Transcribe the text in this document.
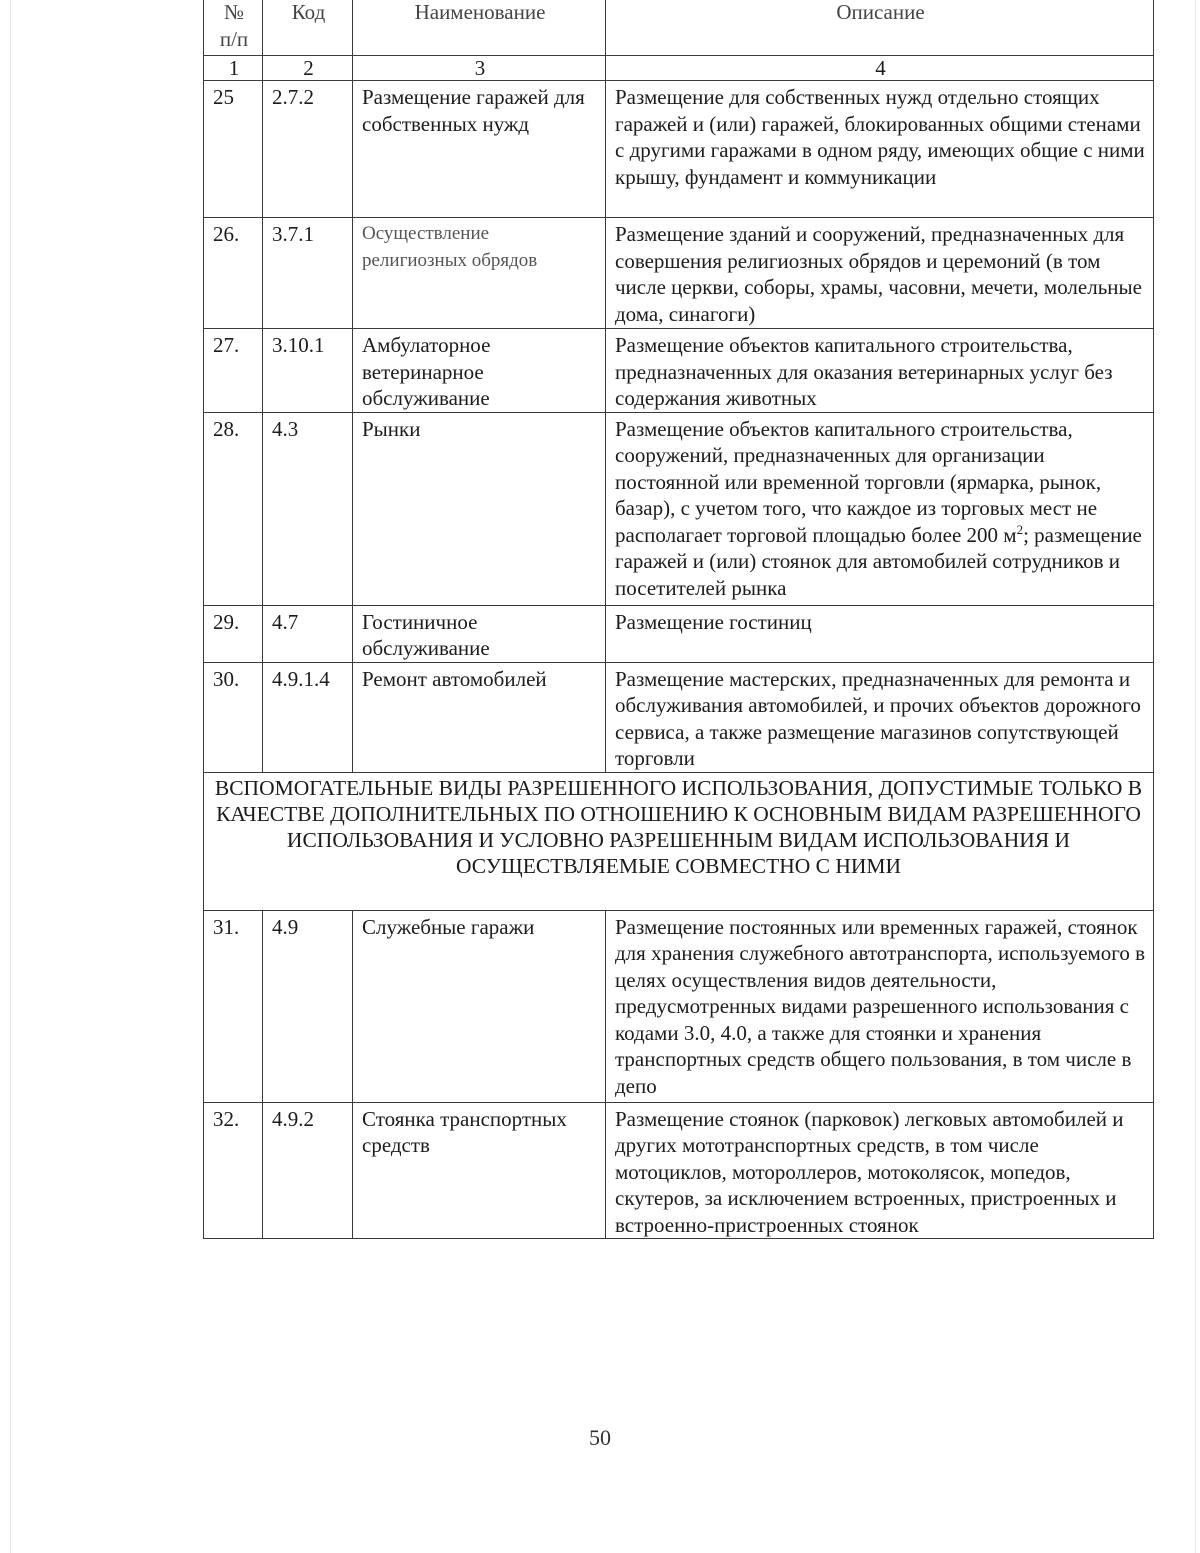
№ п/п	Код	Наименование	Описание
1	2	3	4
25	2.7.2	Размещение гаражей для собственных нужд	Размещение для собственных нужд отдельно стоящих гаражей и (или) гаражей, блокированных общими стенами с другими гаражами в одном ряду, имеющих общие с ними крышу, фундамент и коммуникации
26.	3.7.1	Осуществление религиозных обрядов	Размещение зданий и сооружений, предназначенных для совершения религиозных обрядов и церемоний (в том числе церкви, соборы, храмы, часовни, мечети, молельные дома, синагоги)
27.	3.10.1	Амбулаторное ветеринарное обслуживание	Размещение объектов капитального строительства, предназначенных для оказания ветеринарных услуг без содержания животных
28.	4.3	Рынки	Размещение объектов капитального строительства, сооружений, предназначенных для организации постоянной или временной торговли (ярмарка, рынок, базар), с учетом того, что каждое из торговых мест не располагает торговой площадью более 200 $м^2$; размещение гаражей и (или) стоянок для автомобилей сотрудников и посетителей рынка
29.	4.7	Гостиничное обслуживание	Размещение гостиниц
30.	4.9.1.4	Ремонт автомобилей	Размещение мастерских, предназначенных для ремонта и обслуживания автомобилей, и прочих объектов дорожного сервиса, а также размещение магазинов сопутствующей торговли
ВСПОМОГАТЕЛЬНЫЕ ВИДЫ РАЗРЕШЕННОГО ИСПОЛЬЗОВАНИЯ, ДОПУСТИМЫЕ ТОЛЬКО В КАЧЕСТВЕ ДОПОЛНИТЕЛЬНЫХ ПО ОТНОШЕНИЮ К ОСНОВНЫМ ВИДАМ РАЗРЕШЕННОГО ИСПОЛЬЗОВАНИЯ И УСЛОВНО РАЗРЕШЕННЫМ ВИДАМ ИСПОЛЬЗОВАНИЯ И ОСУЩЕСТВЛЯЕМЫЕ СОВМЕСТНО С НИМИ			
31.	4.9	Служебные гаражи	Размещение постоянных или временных гаражей, стоянок для хранения служебного автотранспорта, используемого в целях осуществления видов деятельности, предусмотренных видами разрешенного использования с кодами 3.0, 4.0, а также для стоянки и хранения транспортных средств общего пользования, в том числе в депо
32.	4.9.2	Стоянка транспортных средств	Размещение стоянок (парковок) легковых автомобилей и других мототранспортных средств, в том числе мотоциклов, мотороллеров, мотоколясок, мопедов, скутеров, за исключением встроенных, пристроенных и встроенно-пристроенных стоянок
50
